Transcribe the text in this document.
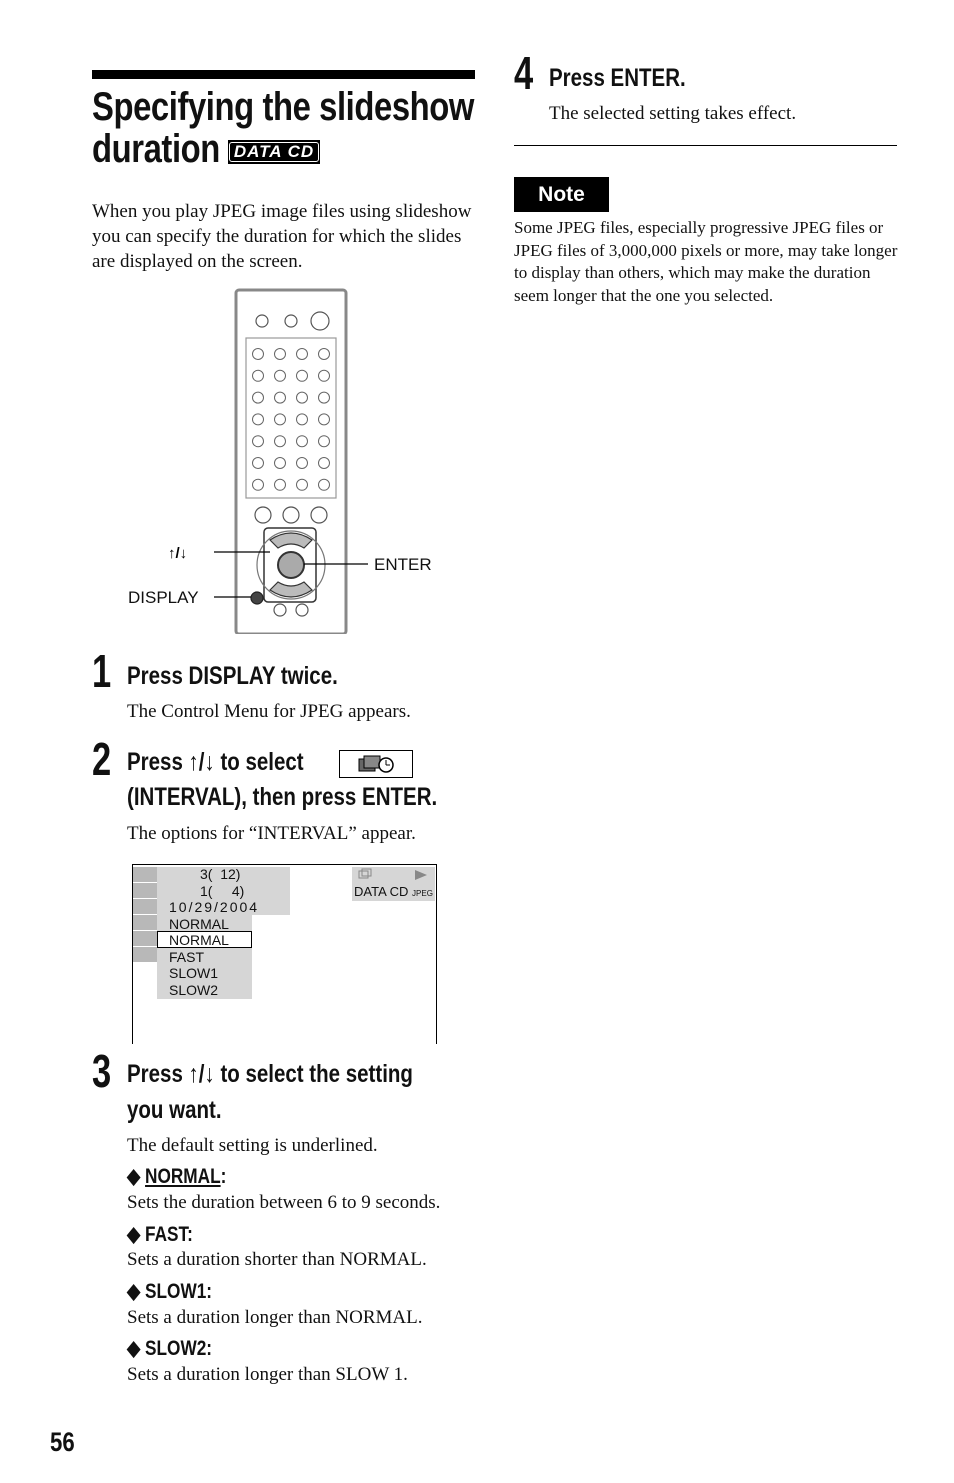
Specifying the slideshow
duration DATA CD
When you play JPEG image files using slideshow you can specify the duration for which the slides are displayed on the screen.
↑/↓
DISPLAY
ENTER
1 Press DISPLAY twice.
The Control Menu for JPEG appears.
2 Press ↑/↓ to select
(INTERVAL), then press ENTER.
The options for “INTERVAL” appear.
3(  12)
1(     4)
10/29/2004
NORMAL
NORMAL
FAST
SLOW1
SLOW2
DATA CD JPEG
3 Press ↑/↓ to select the setting
you want.
The default setting is underlined.
◆ NORMAL:
Sets the duration between 6 to 9 seconds.
◆ FAST:
Sets a duration shorter than NORMAL.
◆ SLOW1:
Sets a duration longer than NORMAL.
◆ SLOW2:
Sets a duration longer than SLOW 1.
56
4 Press ENTER.
The selected setting takes effect.
Note
Some JPEG files, especially progressive JPEG files or JPEG files of 3,000,000 pixels or more, may take longer to display than others, which may make the duration seem longer that the one you selected.
